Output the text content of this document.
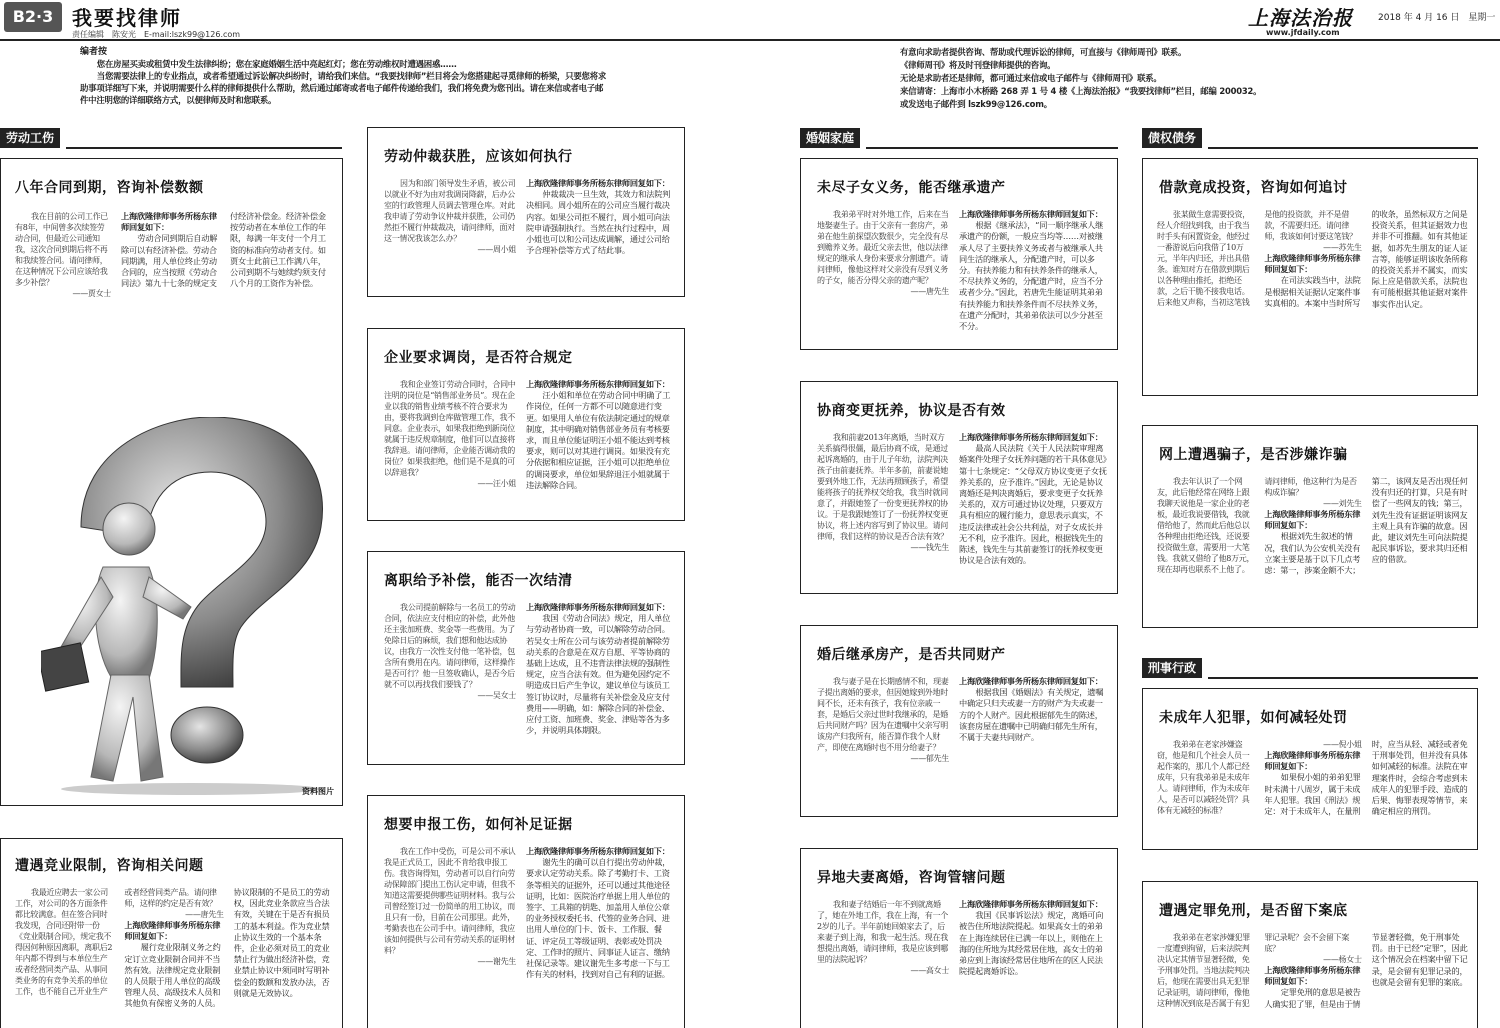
B2·3 我要找律师
责任编辑　陈安光　E-mail:lszk99@126.com
上海法治报
www.jfdaily.com
2018 年 4 月 16 日　星期一
编者按
您在房屋买卖或租赁中发生法律纠纷；您在家庭婚姻生活中亮起红灯；您在劳动维权时遭遇困惑……
当您需要法律上的专业指点，或者希望通过诉讼解决纠纷时，请给我们来信。“我要找律师”栏目将会为您搭建起寻觅律师的桥梁，只要您将求助事项详细写下来，并说明需要什么样的律师提供什么帮助，然后通过邮寄或者电子邮件传递给我们，我们将免费为您刊出。请在来信或者电子邮件中注明您的详细联络方式，以便律师及时和您联系。
有意向求助者提供咨询、帮助或代理诉讼的律师，可直接与《律师周刊》联系。
《律师周刊》将及时刊登律师提供的咨询。
无论是求助者还是律师，都可通过来信或电子邮件与《律师周刊》联系。
来信请寄：上海市小木桥路 268 弄 1 号 4 楼《上海法治报》“我要找律师”栏目，邮编 200032。
或发送电子邮件到 lszk99@126.com。
劳动工伤	婚姻家庭	债权债务
刑事行政
八年合同到期，咨询补偿数额
我在目前的公司工作已有8年，中间曾多次续签劳动合同，但最近公司通知我，这次合同到期后将不再和我续签合同。请问律师，在这种情况下公司应该给我多少补偿？
——贾女士
上海欣隆律师事务所杨东律师回复如下：
劳动合同到期后自动解除可以有经济补偿。劳动合同期满，用人单位终止劳动合同的，应当按照《劳动合同法》第九十七条的规定支付经济补偿金。经济补偿金按劳动者在本单位工作的年限，每满一年支付一个月工资的标准向劳动者支付。如贾女士此前已工作满八年，公司到期不与她续约须支付八个月的工资作为补偿。
资料图片
遭遇竞业限制，咨询相关问题
我最近应聘去一家公司工作，对公司的各方面条件都比较满意。但在签合同时我发现，合同还附带一份《竞业限制合同》，规定我不得因何种原因离职，离职后2年内都不得到与本单位生产或者经营同类产品、从事同类业务的有竞争关系的单位工作，也不能自己开业生产或者经营同类产品。请问律师，这样的约定是否有效？
——唐先生
上海欣隆律师事务所杨东律师回复如下：
履行竞业限制义务之约定订立竞业限制合同并不当然有效。法律规定竞业限制的人员限于用人单位的高级管理人员、高级技术人员和其他负有保密义务的人员。协议限制的不是员工的劳动权，因此竞业条款应当合法有效，关键在于是否有损员工的基本利益。作为竞业禁止协议生效的一个基本条件，企业必须对员工的竞业禁止行为做出经济补偿，竞业禁止协议中须同时写明补偿金的数额和发放办法，否则就是无效协议。
劳动仲裁获胜，应该如何执行
因为和部门领导发生矛盾，被公司以就业不好为由对我调岗降薪，后办公室的行政管理人员调去管理仓库。对此我申请了劳动争议仲裁并获胜，公司仍然拒不履行仲裁裁决，请问律师，面对这一情况我该怎么办？
——周小姐
上海欣隆律师事务所杨东律师回复如下：
仲裁裁决一旦生效，其效力和法院判决相同。周小姐所在的公司应当履行裁决内容。如果公司拒不履行，周小姐可向法院申请强制执行。当然在执行过程中，周小姐也可以和公司达成调解，通过公司给予合理补偿等方式了结此事。
企业要求调岗，是否符合规定
我和企业签订劳动合同时，合同中注明的岗位是“销售部业务员”。现在企业以我的销售业绩考核不符合要求为由，要将我调到仓库做管理工作，我不同意。企业表示，如果我拒绝到新岗位就属于违反规章制度，他们可以直接将我辞退。请问律师，企业能否调动我的岗位？如果我拒绝，他们是不是真的可以辞退我？
——汪小姐
上海欣隆律师事务所杨东律师回复如下：
汪小姐和单位在劳动合同中明确了工作岗位，任何一方都不可以随意进行变更。如果用人单位有依法制定通过的规章制度，其中明确对销售部业务员有考核要求，而且单位能证明汪小姐不能达到考核要求，则可以对其进行调岗。如果没有充分依据和相应证据，汪小姐可以拒绝单位的调岗要求，单位如果辞退汪小姐就属于违法解除合同。
离职给予补偿，能否一次结清
我公司提前解除与一名员工的劳动合同，依法应支付相应的补偿，此外他还主张加班费、奖金等一些费用。为了免除日后的麻烦，我们想和他达成协议，由我方一次性支付他一笔补偿，包含所有费用在内。请问律师，这样操作是否可行？他一旦签收确认，是否今后就不可以再找我们要钱了？
——吴女士
上海欣隆律师事务所杨东律师回复如下：
我国《劳动合同法》规定，用人单位与劳动者协商一致，可以解除劳动合同。若吴女士所在公司与该劳动者提前解除劳动关系的合意是在双方自愿、平等协商的基础上达成，且不违背法律法规的强制性规定，应当合法有效。但为避免因约定不明造成日后产生争议，建议单位与该员工签订协议时，尽量将有关补偿金及应支付费用——明确，如：解除合同的补偿金、应付工资、加班费、奖金、津贴等各为多少，并说明具体期限。
想要申报工伤，如何补足证据
我在工作中受伤，可是公司不承认我是正式员工，因此不肯给我申报工伤。我咨询得知，劳动者可以自行向劳动保障部门提出工伤认定申请，但我不知道这需要提供哪些证明材料。我与公司曾经签订过一份简单的用工协议，而且只有一份，目前在公司那里。此外，考勤表也在公司手中。请问律师，我应该如何提供与公司有劳动关系的证明材料？
——谢先生
上海欣隆律师事务所杨东律师回复如下：
谢先生的确可以自行提出劳动仲裁，要求认定劳动关系。除了考勤打卡、工资条等相关的证据外，还可以通过其他途径证明，比如：医院治疗单据上用人单位的签字、工具箱的钥匙、加盖用人单位公章的业务授权委托书、代签的业务合同、进出用人单位的门卡、饭卡、工作服、餐证、评定员工等级证明、表彰或处罚决定、工作时的照片、同事证人证言、缴纳社保记录等。建议谢先生多考虑一下与工作有关的材料，找到对自己有利的证据。
未尽子女义务，能否继承遗产
我弟弟平时对外地工作，后来在当地娶妻生子。由于父亲有一套房产，弟弟在他生前探望次数很少，完全没有尽到赡养义务。最近父亲去世，他以法律规定的继承人身份来要求分割遗产。请问律师，像他这样对父亲没有尽到义务的子女，能否分得父亲的遗产呢？
——唐先生
上海欣隆律师事务所杨东律师回复如下：
根据《继承法》，“同一顺序继承人继承遗产的份额，一般应当均等……对被继承人尽了主要扶养义务或者与被继承人共同生活的继承人，分配遗产时，可以多分。有扶养能力和有扶养条件的继承人，不尽扶养义务的，分配遗产时，应当不分或者少分。”因此，若唐先生能证明其弟弟有扶养能力和扶养条件而不尽扶养义务，在遗产分配时，其弟弟依法可以少分甚至不分。
协商变更抚养，协议是否有效
我和前妻2013年离婚，当时双方关系搞得很僵，最后协商不成，是通过起诉离婚的，由于儿子年幼，法院判决孩子由前妻抚养。半年多前，前妻说她要到外地工作，无法再照顾孩子，希望能将孩子的抚养权交给我，我当时就同意了，并跟她签了一份变更抚养权的协议。于是我跟她签订了一份抚养权变更协议，将上述内容写到了协议里。请问律师，我们这样的协议是否合法有效？
——钱先生
上海欣隆律师事务所杨东律师回复如下：
最高人民法院《关于人民法院审理离婚案件处理子女抚养问题的若干具体意见》第十七条规定：“父母双方协议变更子女抚养关系的，应予准许。”因此，无论是协议离婚还是判决离婚后，要求变更子女抚养关系的，双方可通过协议处理，只要双方具有相应的履行能力，意思表示真实，不违反法律或社会公共利益，对子女成长并无不利，应予准许。因此，根据钱先生的陈述，钱先生与其前妻签订的抚养权变更协议是合法有效的。
婚后继承房产，是否共同财产
我与妻子是在长期感情不和，现妻子提出离婚的要求，但因她嫁到外地时间不长，还未有孩子，我有位亲戚一套，是婚后父亲过世时我继承的，是婚后共同财产吗？因为在遗嘱中父亲写明该房产归我所有，能否算作我个人财产，即使在离婚时也不用分给妻子？
——郁先生
上海欣隆律师事务所杨东律师回复如下：
根据我国《婚姻法》有关规定，遗嘱中确定只归夫或妻一方的财产为夫或妻一方的个人财产。因此根据郁先生的陈述，该套房屋在遗嘱中已明确归郁先生所有，不属于夫妻共同财产。
异地夫妻离婚，咨询管辖问题
我和妻子结婚后一年不到就离婚了，她在外地工作，我在上海，有一个2岁的儿子。半年前她回娘家去了，后来妻子到上海，和我一起生活。现在我想提出离婚，请问律师，我是应该到哪里的法院起诉？
——高女士
上海欣隆律师事务所杨东律师回复如下：
我国《民事诉讼法》规定，离婚可向被告住所地法院提起。如果高女士的弟弟在上海连续居住已满一年以上，则他在上海的住所地为其经常居住地，高女士的弟弟应到上海该经常居住地所在的区人民法院提起离婚诉讼。
借款竟成投资，咨询如何追讨
张某做生意需要投资，经人介绍找到我，由于我当时手头有闲置资金，他经过一番游说后向我借了10万元，半年内归还，并出具借条。谁知对方在借款到期后以各种理由推托，拒绝还款，之后干脆不接我电话。后来他又声称，当初这笔钱是他的投资款，并不是借款，不需要归还。请问律师，我该如何讨要这笔钱？
——苏先生
上海欣隆律师事务所杨东律师回复如下：
在司法实践当中，法院是根据相关证据认定案件事实真相的。本案中当时所写的收条，虽然标双方之间是投资关系，但其证据效力也并非不可推翻。如有其他证据，如苏先生朋友的证人证言等，能够证明该收条所称的投资关系并不属实，而实际上应是借款关系，法院也有可能根据其他证据对案件事实作出认定。
网上遭遇骗子，是否涉嫌诈骗
我去年认识了一个网友，此后他经常在网络上跟我聊天说他是一家企业的老板，最近我说要借钱，我就借给他了，然而此后他总以各种理由拒绝还钱，还说要投资做生意，需要用一大笔钱。我就又借给了他8万元，现在却再也联系不上他了。请问律师，他这种行为是否构成诈骗？
——刘先生
上海欣隆律师事务所杨东律师回复如下：
根据刘先生叙述的情况，我们认为公安机关没有立案主要是基于以下几点考虑：第一，涉案金额不大；第二，该网友是否出现任何没有归还的打算，只是有时偿了一些网友的钱；第三，刘先生没有证据证明该网友主观上具有诈骗的故意。因此，建议刘先生可向法院提起民事诉讼，要求其归还相应的借款。
未成年人犯罪，如何减轻处罚
我弟弟在老家涉嫌盗窃，他是和几个社会人员一起作案的，那几个人都已经成年，只有我弟弟是未成年人。请问律师，作为未成年人，是否可以减轻处罚？具体有无减轻的标准？
——倪小姐
上海欣隆律师事务所杨东律师回复如下：
如果倪小姐的弟弟犯罪时未满十八周岁，属于未成年人犯罪。我国《刑法》规定：对于未成年人，在量刑时，应当从轻、减轻或者免于刑事处罚，但并没有具体如何减轻的标准。法院在审理案件时，会综合考虑到未成年人的犯罪手段、造成的后果、悔罪表现等情节，来确定相应的刑罚。
遭遇定罪免刑，是否留下案底
我弟弟在老家涉嫌犯罪一度遭到拘留，后来法院判决认定其情节显著轻微，免予刑事处罚。当地法院判决后，他现在需要出具无犯罪记录证明，请问律师，像他这种情况到底是否属于有犯罪记录呢？会不会留下案底？
——杨女士
上海欣隆律师事务所杨东律师回复如下：
定罪免刑的意思是被告人确实犯了罪，但是由于情节显著轻微，免于刑事处罚。由于已经“定罪”，因此这个情况会在档案中留下记录，是会留有犯罪记录的，也就是会留有犯罪的案底。
